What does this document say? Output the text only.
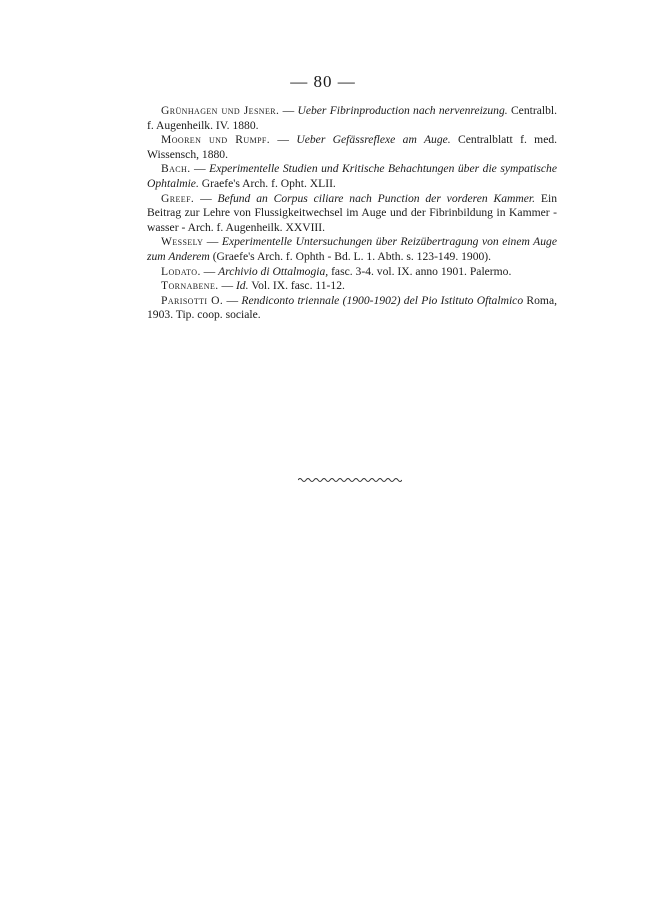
— 80 —

Grünhagen und Jesner. — Ueber Fibrinproduction nach nervenreizung. Centralbl. f. Augenheilk. IV. 1880.

Mooren und Rumpf. — Ueber Gefässreflexe am Auge. Centralblatt f. med. Wissensch, 1880.

Bach. — Experimentelle Studien und Kritische Behachtungen über die sympatische Ophtalmie. Graefe's Arch. f. Opht. XLII.

Greef. — Befund an Corpus ciliare nach Punction der vorderen Kammer. Ein Beitrag zur Lehre von Flussigkeitwechsel im Auge und der Fibrinbildung in Kammer - wasser - Arch. f. Augenheilk. XXVIII.

Wessely — Experimentelle Untersuchungen über Reizübertragung von einem Auge zum Anderem (Graefe's Arch. f. Ophth - Bd. L. 1. Abth. s. 123-149. 1900).

Lodato. — Archivio di Ottalmogia, fasc. 3-4. vol. IX. anno 1901. Palermo.

Tornabene. — Id. Vol. IX. fasc. 11-12.

Parisotti O. — Rendiconto triennale (1900-1902) del Pio Istituto Oftalmico Roma, 1903. Tip. coop. sociale.
